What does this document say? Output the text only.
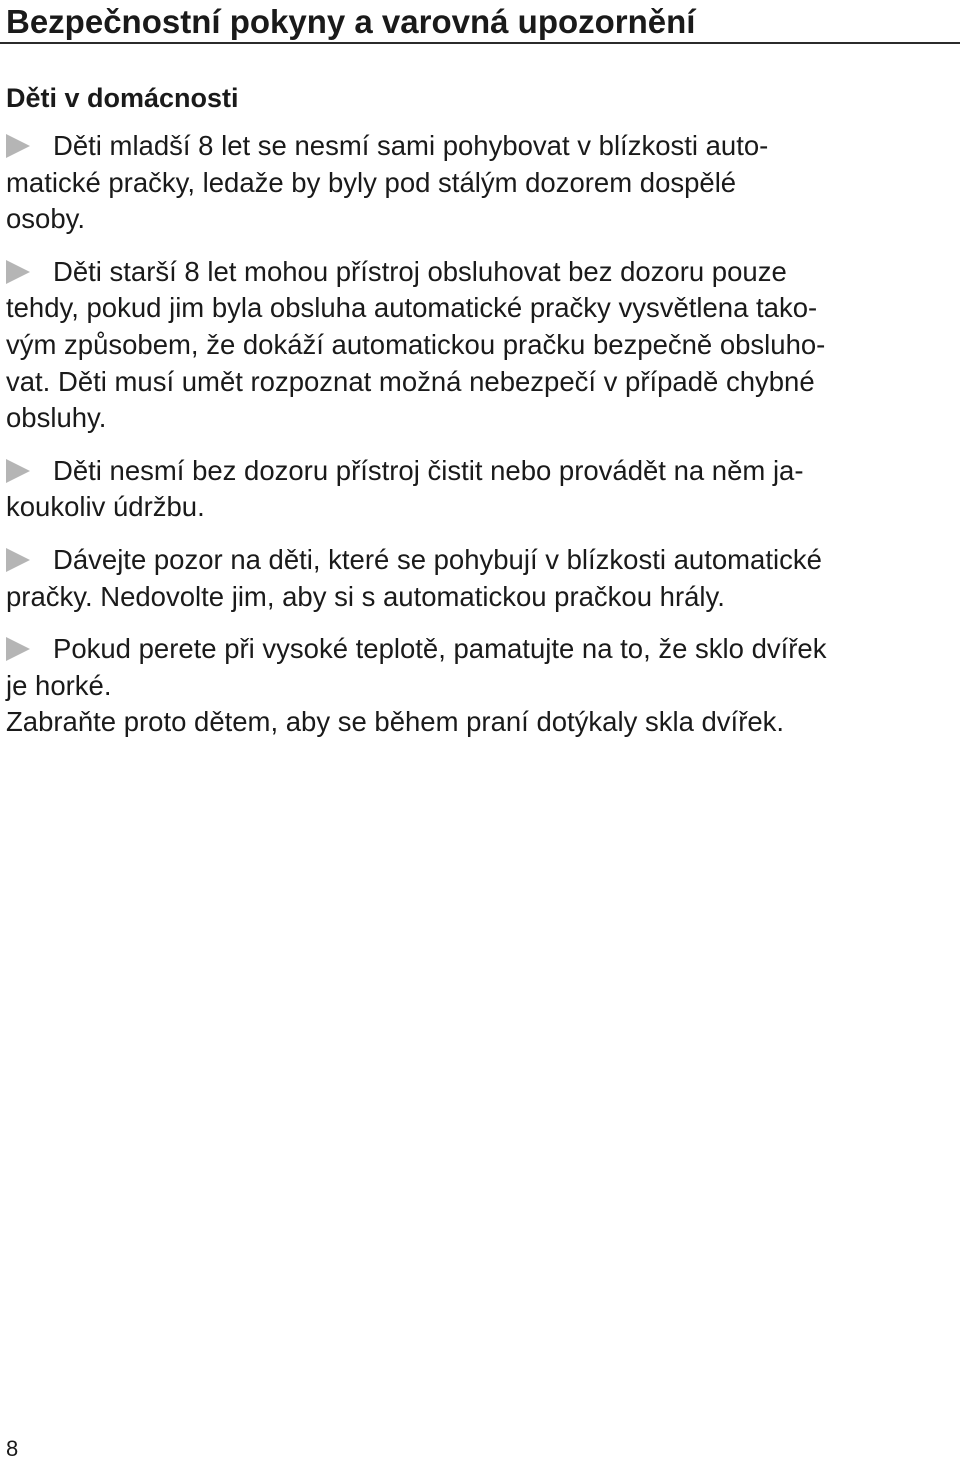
Bezpečnostní pokyny a varovná upozornění
Děti v domácnosti

Děti mladší 8 let se nesmí sami pohybovat v blízkosti auto-
matické pračky, ledaže by byly pod stálým dozorem dospělé
osoby.

Děti starší 8 let mohou přístroj obsluhovat bez dozoru pouze
tehdy, pokud jim byla obsluha automatické pračky vysvětlena tako-
vým způsobem, že dokáží automatickou pračku bezpečně obsluho-
vat. Děti musí umět rozpoznat možná nebezpečí v případě chybné
obsluhy.

Děti nesmí bez dozoru přístroj čistit nebo provádět na něm ja-
koukoliv údržbu.

Dávejte pozor na děti, které se pohybují v blízkosti automatické
pračky. Nedovolte jim, aby si s automatickou pračkou hrály.

Pokud perete při vysoké teplotě, pamatujte na to, že sklo dvířek
je horké.

Zabraňte proto dětem, aby se během praní dotýkaly skla dvířek.

8
